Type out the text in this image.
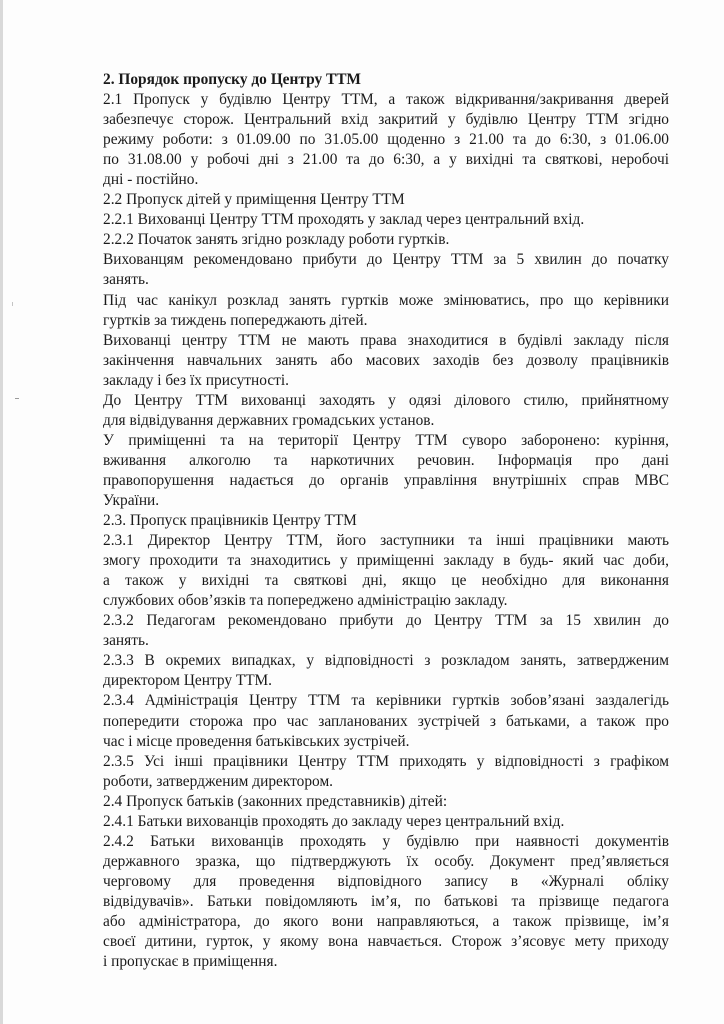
2. Порядок пропуску до Центру ТТМ
2.1 Пропуск у будівлю Центру ТТМ, а також відкривання/закривання дверей
забезпечує сторож. Центральний вхід закритий у будівлю Центру ТТМ згідно
режиму роботи: з 01.09.00 по 31.05.00 щоденно з 21.00 та до 6:30, з 01.06.00
по 31.08.00 у робочі дні з 21.00 та до 6:30, а у вихідні та святкові, неробочі
дні - постійно.
2.2 Пропуск дітей у приміщення Центру ТТМ
2.2.1 Вихованці Центру ТТМ проходять у заклад через центральний вхід.
2.2.2 Початок занять згідно розкладу роботи гуртків.
Вихованцям рекомендовано прибути до Центру ТТМ за 5 хвилин до початку
занять.
Під час канікул розклад занять гуртків може змінюватись, про що керівники
гуртків за тиждень попереджають дітей.
Вихованці центру ТТМ не мають права знаходитися в будівлі закладу після
закінчення навчальних занять або масових заходів без дозволу працівників
закладу і без їх присутності.
До Центру ТТМ вихованці заходять у одязі ділового стилю, прийнятному
для відвідування державних громадських установ.
У приміщенні та на території Центру ТТМ суворо заборонено: куріння,
вживання алкоголю та наркотичних речовин. Інформація про дані
правопорушення надається до органів управління внутрішніх справ МВС
України.
2.3. Пропуск працівників Центру ТТМ
2.3.1 Директор Центру ТТМ, його заступники та інші працівники мають
змогу проходити та знаходитись у приміщенні закладу в будь- який час доби,
а також у вихідні та святкові дні, якщо це необхідно для виконання
службових обов’язків та попереджено адміністрацію закладу.
2.3.2 Педагогам рекомендовано прибути до Центру ТТМ за 15 хвилин до
занять.
2.3.3 В окремих випадках, у відповідності з розкладом занять, затвердженим
директором Центру ТТМ.
2.3.4 Адміністрація Центру ТТМ та керівники гуртків зобов’язані заздалегідь
попередити сторожа про час запланованих зустрічей з батьками, а також про
час і місце проведення батьківських зустрічей.
2.3.5 Усі інші працівники Центру ТТМ приходять у відповідності з графіком
роботи, затвердженим директором.
2.4 Пропуск батьків (законних представників) дітей:
2.4.1 Батьки вихованців проходять до закладу через центральний вхід.
2.4.2 Батьки вихованців проходять у будівлю при наявності документів
державного зразка, що підтверджують їх особу. Документ пред’являється
черговому для проведення відповідного запису в «Журналі обліку
відвідувачів». Батьки повідомляють ім’я, по батькові та прізвище педагога
або адміністратора, до якого вони направляються, а також прізвище, ім’я
своєї дитини, гурток, у якому вона навчається. Сторож з’ясовує мету приходу
і пропускає в приміщення.
